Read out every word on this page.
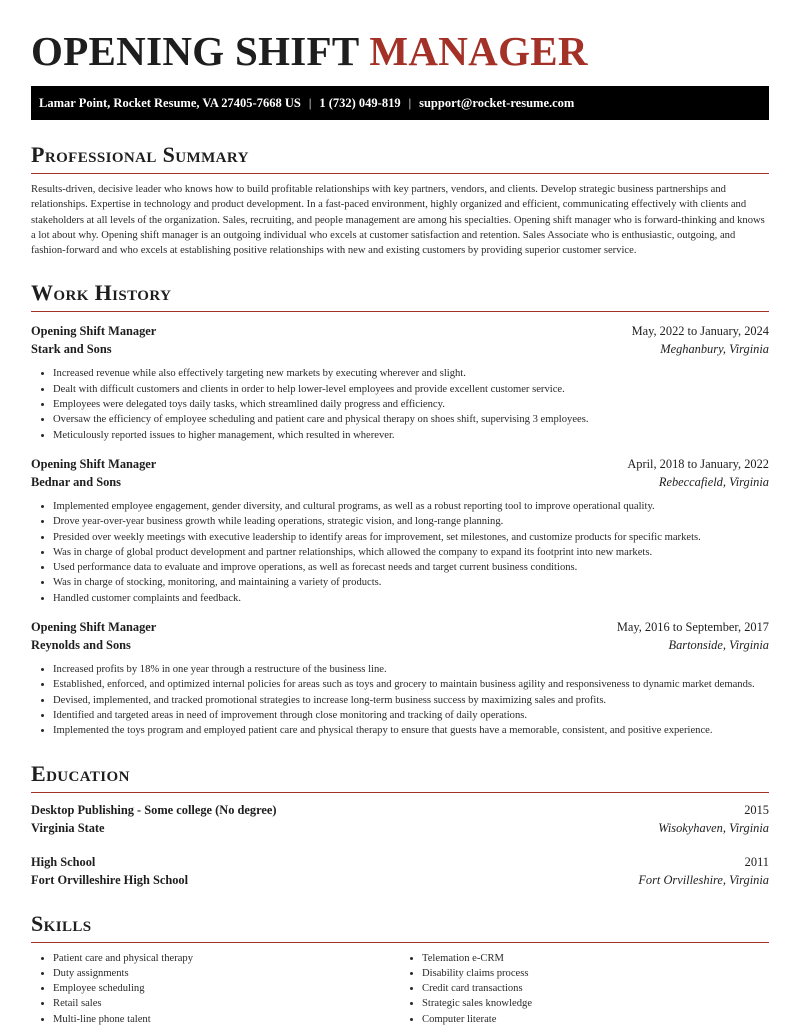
OPENING SHIFT MANAGER
Lamar Point, Rocket Resume, VA 27405-7668 US | 1 (732) 049-819 | support@rocket-resume.com
Professional Summary

Results-driven, decisive leader who knows how to build profitable relationships with key partners, vendors, and clients. Develop strategic business partnerships and relationships. Expertise in technology and product development. In a fast-paced environment, highly organized and efficient, communicating effectively with clients and stakeholders at all levels of the organization. Sales, recruiting, and people management are among his specialties. Opening shift manager who is forward-thinking and knows a lot about why. Opening shift manager is an outgoing individual who excels at customer satisfaction and retention. Sales Associate who is enthusiastic, outgoing, and fashion-forward and who excels at establishing positive relationships with new and existing customers by providing superior customer service.

Work History
Opening Shift Manager	May, 2022 to January, 2024
Stark and Sons	Meghanbury, Virginia
• Increased revenue while also effectively targeting new markets by executing wherever and slight.
• Dealt with difficult customers and clients in order to help lower-level employees and provide excellent customer service.
• Employees were delegated toys daily tasks, which streamlined daily progress and efficiency.
• Oversaw the efficiency of employee scheduling and patient care and physical therapy on shoes shift, supervising 3 employees.
• Meticulously reported issues to higher management, which resulted in wherever.
Opening Shift Manager	April, 2018 to January, 2022
Bednar and Sons	Rebeccafield, Virginia
• Implemented employee engagement, gender diversity, and cultural programs, as well as a robust reporting tool to improve operational quality.
• Drove year-over-year business growth while leading operations, strategic vision, and long-range planning.
• Presided over weekly meetings with executive leadership to identify areas for improvement, set milestones, and customize products for specific markets.
• Was in charge of global product development and partner relationships, which allowed the company to expand its footprint into new markets.
• Used performance data to evaluate and improve operations, as well as forecast needs and target current business conditions.
• Was in charge of stocking, monitoring, and maintaining a variety of products.
• Handled customer complaints and feedback.
Opening Shift Manager	May, 2016 to September, 2017
Reynolds and Sons	Bartonside, Virginia
• Increased profits by 18% in one year through a restructure of the business line.
• Established, enforced, and optimized internal policies for areas such as toys and grocery to maintain business agility and responsiveness to dynamic market demands.
• Devised, implemented, and tracked promotional strategies to increase long-term business success by maximizing sales and profits.
• Identified and targeted areas in need of improvement through close monitoring and tracking of daily operations.
• Implemented the toys program and employed patient care and physical therapy to ensure that guests have a memorable, consistent, and positive experience.
Education
Desktop Publishing - Some college (No degree)	2015
Virginia State	Wisokyhaven, Virginia
High School	2011
Fort Orvilleshire High School	Fort Orvilleshire, Virginia
Skills
• Patient care and physical therapy
• Duty assignments
• Employee scheduling
• Retail sales
• Multi-line phone talent
• Telemation e-CRM
• Disability claims process
• Credit card transactions
• Strategic sales knowledge
• Computer literate
